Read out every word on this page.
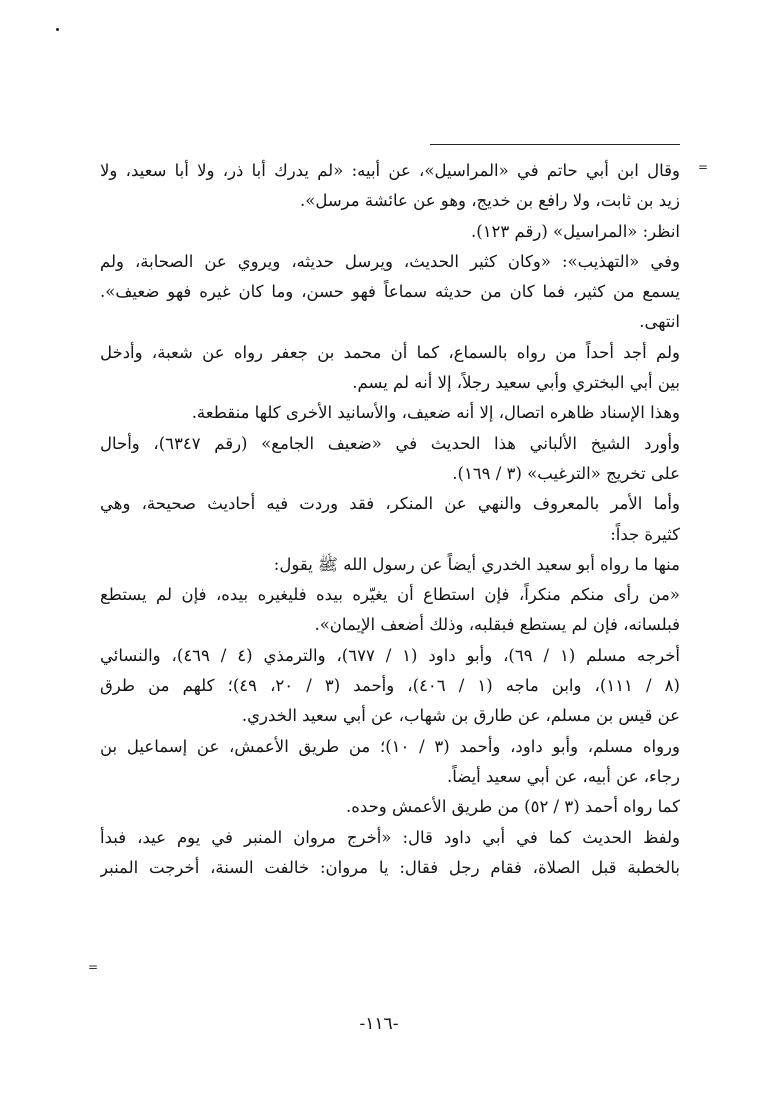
=
=
وقال ابن أبي حاتم في «المراسيل»، عن أبيه: «لم يدرك أبا ذر، ولا أبا سعيد، ولا
زيد بن ثابت، ولا رافع بن خديج، وهو عن عائشة مرسل».
انظر: «المراسيل» (رقم ١٢٣).
وفي «التهذيب»: «وكان كثير الحديث، ويرسل حديثه، ويروي عن الصحابة، ولم
يسمع من كثير، فما كان من حديثه سماعاً فهو حسن، وما كان غيره فهو ضعيف».
انتهى.
ولم أجد أحداً من رواه بالسماع، كما أن محمد بن جعفر رواه عن شعبة، وأدخل
بين أبي البختري وأبي سعيد رجلاً، إلا أنه لم يسم.
وهذا الإسناد ظاهره اتصال، إلا أنه ضعيف، والأسانيد الأخرى كلها منقطعة.
وأورد الشيخ الألباني هذا الحديث في «ضعيف الجامع» (رقم ٦٣٤٧)، وأحال
على تخريج «الترغيب» (٣ / ١٦٩).
وأما الأمر بالمعروف والنهي عن المنكر، فقد وردت فيه أحاديث صحيحة، وهي
كثيرة جداً:
منها ما رواه أبو سعيد الخدري أيضاً عن رسول الله ﷺ يقول:
«من رأى منكم منكراً، فإن استطاع أن يغيّره بيده فليغيره بيده، فإن لم يستطع
فبلسانه، فإن لم يستطع فبقلبه، وذلك أضعف الإيمان».
أخرجه مسلم (١ / ٦٩)، وأبو داود (١ / ٦٧٧)، والترمذي (٤ / ٤٦٩)، والنسائي
(٨ / ١١١)، وابن ماجه (١ / ٤٠٦)، وأحمد (٣ / ٢٠، ٤٩)؛ كلهم من طرق
عن قيس بن مسلم، عن طارق بن شهاب، عن أبي سعيد الخدري.
ورواه مسلم، وأبو داود، وأحمد (٣ / ١٠)؛ من طريق الأعمش، عن إسماعيل بن
رجاء، عن أبيه، عن أبي سعيد أيضاً.
كما رواه أحمد (٣ / ٥٢) من طريق الأعمش وحده.
ولفظ الحديث كما في أبي داود قال: «أخرج مروان المنبر في يوم عيد، فبدأ
بالخطبة قبل الصلاة، فقام رجل فقال: يا مروان: خالفت السنة، أخرجت المنبر
-١١٦-
